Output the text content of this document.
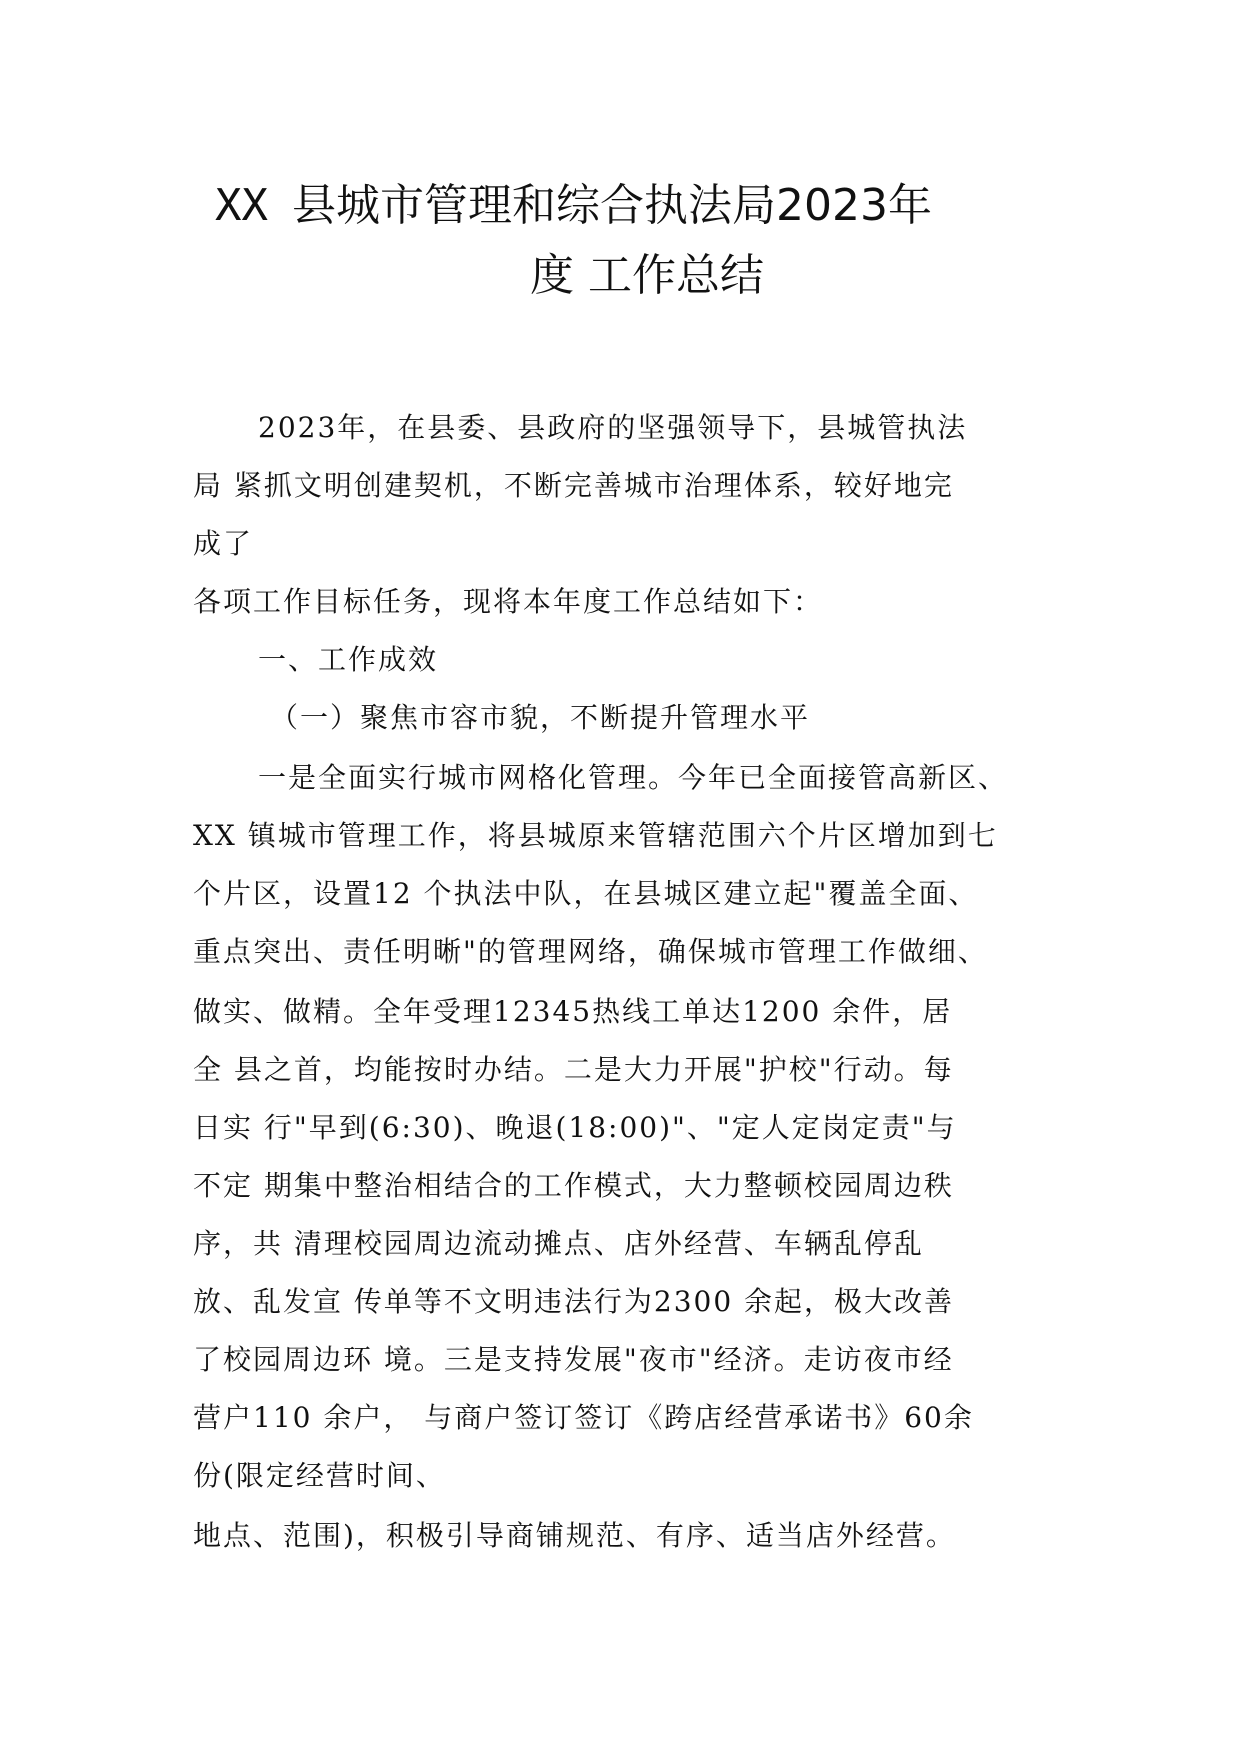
XX 县城市管理和综合执法局2023年
度 工作总结
2023年，在县委、县政府的坚强领导下，县城管执法
局 紧抓文明创建契机，不断完善城市治理体系，较好地完
成了
各项工作目标任务，现将本年度工作总结如下：
一、工作成效
（一）聚焦市容市貌，不断提升管理水平
一是全面实行城市网格化管理。今年已全面接管高新区、
XX 镇城市管理工作，将县城原来管辖范围六个片区增加到七
个片区，设置12 个执法中队，在县城区建立起"覆盖全面、
重点突出、责任明晰"的管理网络，确保城市管理工作做细、
做实、做精。全年受理12345热线工单达1200 余件，居
全 县之首，均能按时办结。二是大力开展"护校"行动。每
日实 行"早到(6:30)、晚退(18:00)"、"定人定岗定责"与
不定 期集中整治相结合的工作模式，大力整顿校园周边秩
序，共 清理校园周边流动摊点、店外经营、车辆乱停乱
放、乱发宣 传单等不文明违法行为2300 余起，极大改善
了校园周边环 境。三是支持发展"夜市"经济。走访夜市经
营户110 余户， 与商户签订签订《跨店经营承诺书》60余
份(限定经营时间、
地点、范围)，积极引导商铺规范、有序、适当店外经营。
